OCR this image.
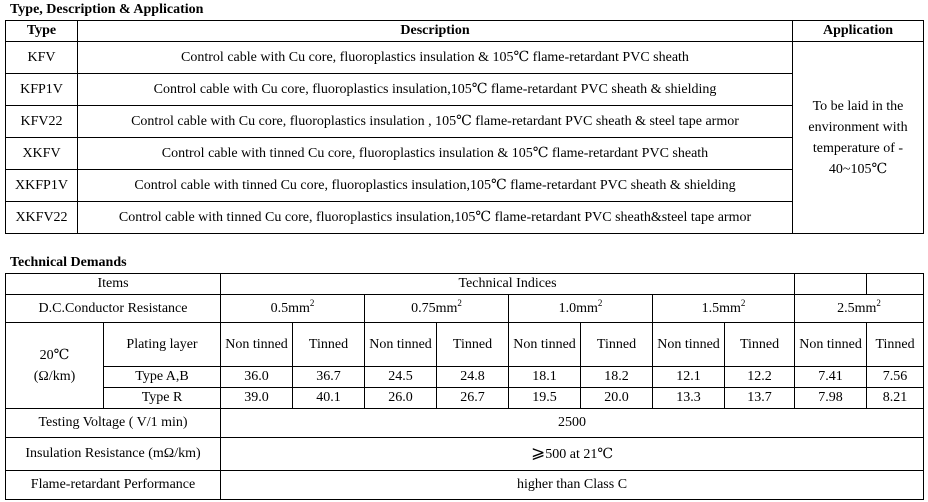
Type, Description & Application
Type	Description	Application
KFV	Control cable with Cu core, fluoroplastics insulation & 105℃ flame-retardant PVC sheath	To be laid in the environment with temperature of - 40~105℃
KFP1V	Control cable with Cu core, fluoroplastics insulation,105℃ flame-retardant PVC sheath & shielding	
KFV22	Control cable with Cu core, fluoroplastics insulation , 105℃ flame-retardant PVC sheath & steel tape armor	
XKFV	Control cable with tinned Cu core, fluoroplastics insulation & 105℃ flame-retardant PVC sheath	
XKFP1V	Control cable with tinned Cu core, fluoroplastics insulation,105℃ flame-retardant PVC sheath & shielding	
XKFV22	Control cable with tinned Cu core, fluoroplastics insulation,105℃ flame-retardant PVC sheath&steel tape armor	
Technical Demands
Items		Technical Indices									
D.C.Conductor Resistance		$0.5mm^2$		$0.75mm^2$		$1.0mm^2$		$1.5mm^2$		$2.5mm^2$
20℃
(Ω/km)	Plating layer	Non tinned	Tinned	Non tinned	Tinned	Non tinned	Tinned	Non tinned	Tinned	Non tinned	Tinned
	Type A,B	36.0	36.7	24.5	24.8	18.1	18.2	12.1	12.2	7.41	7.56
	Type R	39.0	40.1	26.0	26.7	19.5	20.0	13.3	13.7	7.98	8.21
Testing Voltage ( V/1 min)		2500									
Insulation Resistance (mΩ/km)		⩾500 at 21℃									
Flame-retardant Performance		higher than Class C									
